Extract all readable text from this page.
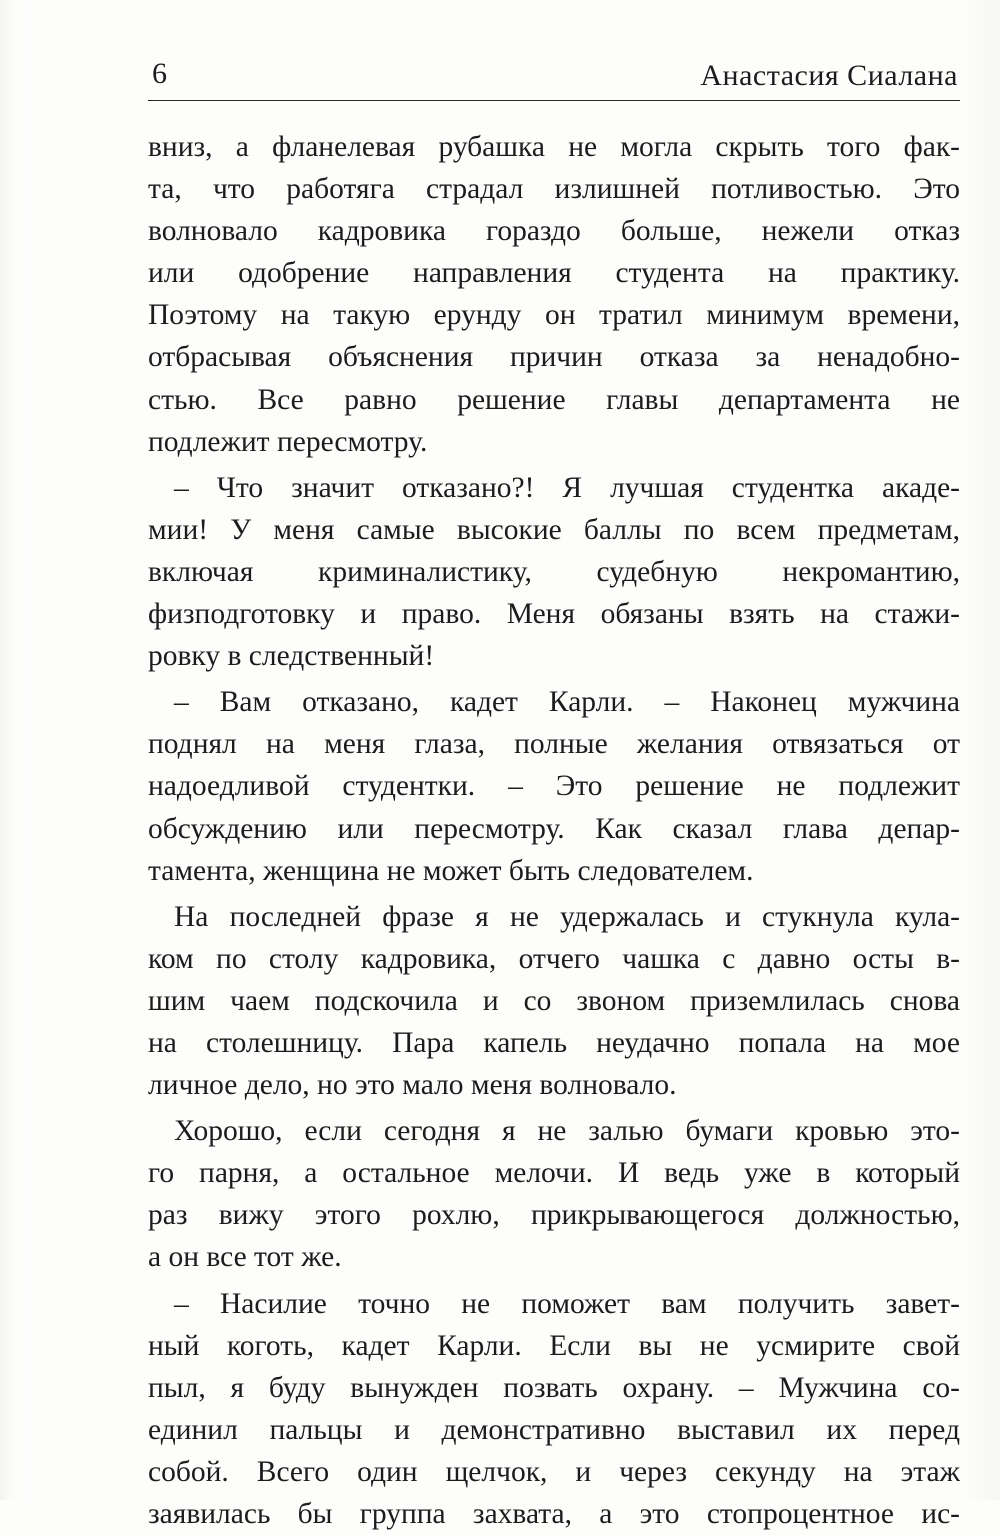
6	Анастасия Сиалана
вниз, а фланелевая рубашка не могла скрыть того фак-
та, что работяга страдал излишней потливостью. Это
волновало кадровика гораздо больше, нежели отказ
или одобрение направления студента на практику.
Поэтому на такую ерунду он тратил минимум времени,
отбрасывая объяснения причин отказа за ненадобно-
стью. Все равно решение главы департамента не
подлежит пересмотру.
– Что значит отказано?! Я лучшая студентка акаде-
мии! У меня самые высокие баллы по всем предметам,
включая криминалистику, судебную некромантию,
физподготовку и право. Меня обязаны взять на стажи-
ровку в следственный!
– Вам отказано, кадет Карли. – Наконец мужчина
поднял на меня глаза, полные желания отвязаться от
надоедливой студентки. – Это решение не подлежит
обсуждению или пересмотру. Как сказал глава депар-
тамента, женщина не может быть следователем.
На последней фразе я не удержалась и стукнула кула-
ком по столу кадровика, отчего чашка с давно осты в-
шим чаем подскочила и со звоном приземлилась снова
на столешницу. Пара капель неудачно попала на мое
личное дело, но это мало меня волновало.
Хорошо, если сегодня я не залью бумаги кровью это-
го парня, а остальное мелочи. И ведь уже в который
раз вижу этого рохлю, прикрывающегося должностью,
а он все тот же.
– Насилие точно не поможет вам получить завет-
ный коготь, кадет Карли. Если вы не усмирите свой
пыл, я буду вынужден позвать охрану. – Мужчина со-
единил пальцы и демонстративно выставил их перед
собой. Всего один щелчок, и через секунду на этаж
заявилась бы группа захвата, а это стопроцентное ис-
